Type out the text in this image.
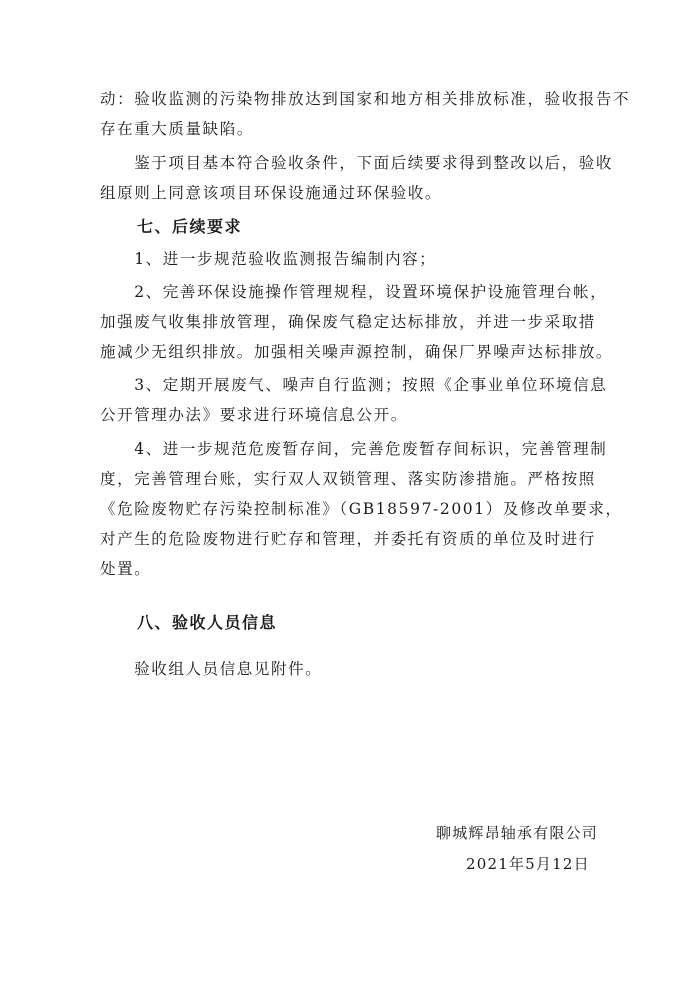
动：验收监测的污染物排放达到国家和地方相关排放标准，验收报告不
存在重大质量缺陷。
　　鉴于项目基本符合验收条件，下面后续要求得到整改以后，验收
组原则上同意该项目环保设施通过环保验收。
七、后续要求
　　1、进一步规范验收监测报告编制内容；
　　2、完善环保设施操作管理规程，设置环境保护设施管理台帐，
加强废气收集排放管理，确保废气稳定达标排放，并进一步采取措
施减少无组织排放。加强相关噪声源控制，确保厂界噪声达标排放。
　　3、定期开展废气、噪声自行监测；按照《企事业单位环境信息
公开管理办法》要求进行环境信息公开。
　　4、进一步规范危废暂存间，完善危废暂存间标识，完善管理制
度，完善管理台账，实行双人双锁管理、落实防渗措施。严格按照
《危险废物贮存污染控制标准》（GB18597-2001）及修改单要求，
对产生的危险废物进行贮存和管理，并委托有资质的单位及时进行
处置。
八、验收人员信息
　　验收组人员信息见附件。
聊城辉昂轴承有限公司
2021年5月12日
